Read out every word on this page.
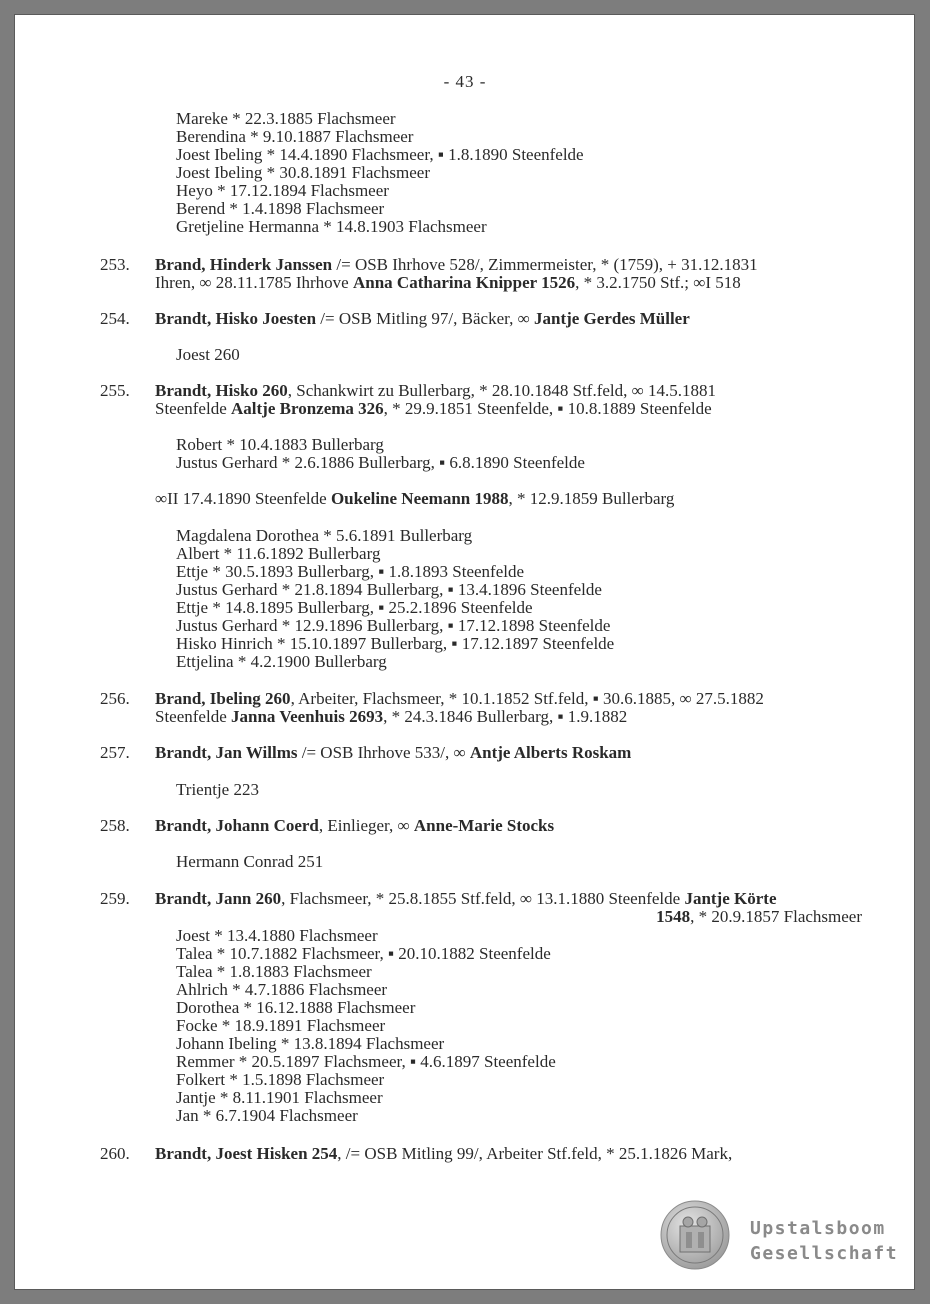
- 43 -
Mareke * 22.3.1885 Flachsmeer
Berendina * 9.10.1887 Flachsmeer
Joest Ibeling * 14.4.1890 Flachsmeer, ▪ 1.8.1890 Steenfelde
Joest Ibeling * 30.8.1891 Flachsmeer
Heyo * 17.12.1894 Flachsmeer
Berend * 1.4.1898 Flachsmeer
Gretjeline Hermanna * 14.8.1903 Flachsmeer
253. Brand, Hinderk Janssen /= OSB Ihrhove 528/, Zimmermeister, * (1759), + 31.12.1831
Ihren, ∞ 28.11.1785 Ihrhove Anna Catharina Knipper 1526, * 3.2.1750 Stf.; ∞I 518
254. Brandt, Hisko Joesten /= OSB Mitling 97/, Bäcker, ∞ Jantje Gerdes Müller
Joest 260
255. Brandt, Hisko 260, Schankwirt zu Bullerbarg, * 28.10.1848 Stf.feld, ∞ 14.5.1881
Steenfelde Aaltje Bronzema 326, * 29.9.1851 Steenfelde, ▪ 10.8.1889 Steenfelde
Robert * 10.4.1883 Bullerbarg
Justus Gerhard * 2.6.1886 Bullerbarg, ▪ 6.8.1890 Steenfelde
∞II 17.4.1890 Steenfelde Oukeline Neemann 1988, * 12.9.1859 Bullerbarg
Magdalena Dorothea * 5.6.1891 Bullerbarg
Albert * 11.6.1892 Bullerbarg
Ettje * 30.5.1893 Bullerbarg, ▪ 1.8.1893 Steenfelde
Justus Gerhard * 21.8.1894 Bullerbarg, ▪ 13.4.1896 Steenfelde
Ettje * 14.8.1895 Bullerbarg, ▪ 25.2.1896 Steenfelde
Justus Gerhard * 12.9.1896 Bullerbarg, ▪ 17.12.1898 Steenfelde
Hisko Hinrich * 15.10.1897 Bullerbarg, ▪ 17.12.1897 Steenfelde
Ettjelina * 4.2.1900 Bullerbarg
256. Brand, Ibeling 260, Arbeiter, Flachsmeer, * 10.1.1852 Stf.feld, ▪ 30.6.1885, ∞ 27.5.1882
Steenfelde Janna Veenhuis 2693, * 24.3.1846 Bullerbarg, ▪ 1.9.1882
257. Brandt, Jan Willms /= OSB Ihrhove 533/, ∞ Antje Alberts Roskam
Trientje 223
258. Brandt, Johann Coerd, Einlieger, ∞ Anne-Marie Stocks
Hermann Conrad 251
259. Brandt, Jann 260, Flachsmeer, * 25.8.1855 Stf.feld, ∞ 13.1.1880 Steenfelde Jantje Körte
1548, * 20.9.1857 Flachsmeer
Joest * 13.4.1880 Flachsmeer
Talea * 10.7.1882 Flachsmeer, ▪ 20.10.1882 Steenfelde
Talea * 1.8.1883 Flachsmeer
Ahlrich * 4.7.1886 Flachsmeer
Dorothea * 16.12.1888 Flachsmeer
Focke * 18.9.1891 Flachsmeer
Johann Ibeling * 13.8.1894 Flachsmeer
Remmer * 20.5.1897 Flachsmeer, ▪ 4.6.1897 Steenfelde
Folkert * 1.5.1898 Flachsmeer
Jantje * 8.11.1901 Flachsmeer
Jan * 6.7.1904 Flachsmeer
260. Brandt, Joest Hisken 254, /= OSB Mitling 99/, Arbeiter Stf.feld, * 25.1.1826 Mark,
Upstalsboom
Gesellschaft
